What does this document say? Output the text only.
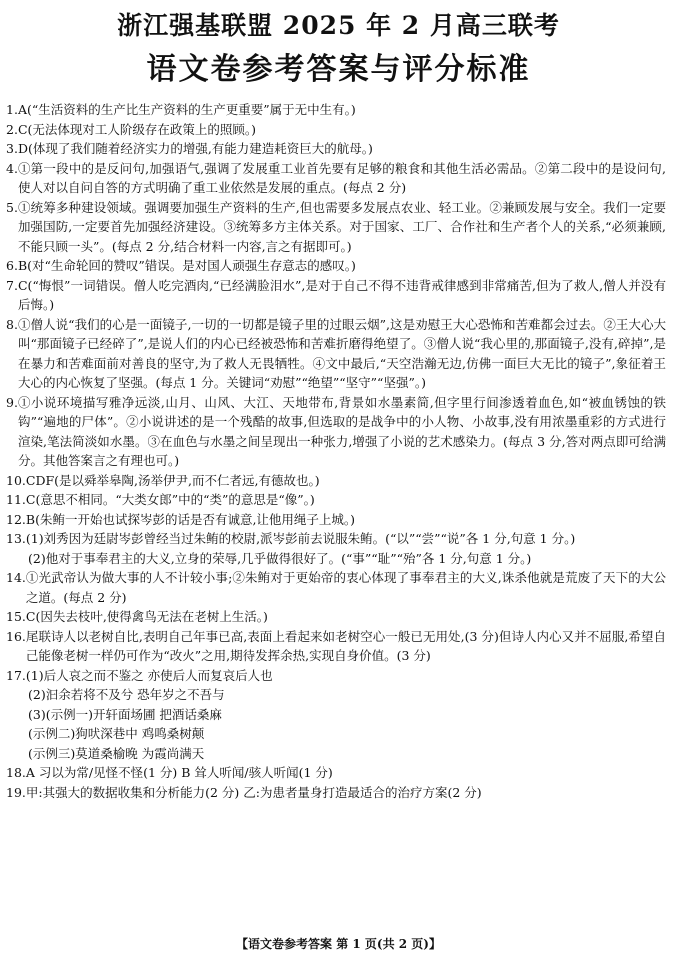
浙江强基联盟 2025 年 2 月高三联考
语文卷参考答案与评分标准
1. A(“生活资料的生产比生产资料的生产更重要”属于无中生有。)
2. C(无法体现对工人阶级存在政策上的照顾。)
3. D(体现了我们随着经济实力的增强,有能力建造耗资巨大的航母。)
4. ①第一段中的是反问句,加强语气,强调了发展重工业首先要有足够的粮食和其他生活必需品。②第二段中的是设问句,使人对以自问自答的方式明确了重工业依然是发展的重点。(每点 2 分)
5. ①统筹多种建设领域。强调要加强生产资料的生产,但也需要多发展点农业、轻工业。②兼顾发展与安全。我们一定要加强国防,一定要首先加强经济建设。③统筹多方主体关系。对于国家、工厂、合作社和生产者个人的关系,“必须兼顾,不能只顾一头”。(每点 2 分,结合材料一内容,言之有据即可。)
6. B(对“生命轮回的赞叹”错误。是对国人顽强生存意志的感叹。)
7. C(“悔恨”一词错误。僧人吃完酒肉,“已经满脸泪水”,是对于自己不得不违背戒律感到非常痛苦,但为了救人,僧人并没有后悔。)
8. ①僧人说“我们的心是一面镜子,一切的一切都是镜子里的过眼云烟”,这是劝慰王大心恐怖和苦难都会过去。②王大心大叫“那面镜子已经碎了”,是说人们的内心已经被恐怖和苦难折磨得绝望了。③僧人说“我心里的,那面镜子,没有,碎掉”,是在暴力和苦难面前对善良的坚守,为了救人无畏牺牲。④文中最后,“天空浩瀚无边,仿佛一面巨大无比的镜子”,象征着王大心的内心恢复了坚强。(每点 1 分。关键词“劝慰”“绝望”“坚守”“坚强”。)
9. ①小说环境描写雅净远淡,山月、山风、大江、天地带布,背景如水墨素简,但字里行间渗透着血色,如“被血锈蚀的铁钩”“遍地的尸体”。②小说讲述的是一个残酷的故事,但选取的是战争中的小人物、小故事,没有用浓墨重彩的方式进行渲染,笔法简淡如水墨。③在血色与水墨之间呈现出一种张力,增强了小说的艺术感染力。(每点 3 分,答对两点即可给满分。其他答案言之有理也可。)
10. CDF(是以舜举皋陶,汤举伊尹,而不仁者远,有德故也。)
11. C(意思不相同。“大类女郎”中的“类”的意思是“像”。)
12. B(朱鲔一开始也试探岑彭的话是否有诚意,让他用绳子上城。)
13. (1)刘秀因为廷尉岑彭曾经当过朱鲔的校尉,派岑彭前去说服朱鲔。(“以”“尝”“说”各 1 分,句意 1 分。)
(2)他对于事奉君主的大义,立身的荣辱,几乎做得很好了。(“事”“耻”“殆”各 1 分,句意 1 分。)
14. ①光武帝认为做大事的人不计较小事;②朱鲔对于更始帝的衷心体现了事奉君主的大义,诛杀他就是荒废了天下的大公之道。(每点 2 分)
15. C(因失去枝叶,使得禽鸟无法在老树上生活。)
16. 尾联诗人以老树自比,表明自己年事已高,表面上看起来如老树空心一般已无用处,(3 分)但诗人内心又并不屈服,希望自己能像老树一样仍可作为“改火”之用,期待发挥余热,实现自身价值。(3 分)
17. (1)后人哀之而不鉴之 亦使后人而复哀后人也
(2)汩余若将不及兮 恐年岁之不吾与
(3)(示例一)开轩面场圃 把酒话桑麻
(示例二)狗吠深巷中 鸡鸣桑树颠
(示例三)莫道桑榆晚 为霞尚满天
18. A 习以为常/见怪不怪(1 分) B 耸人听闻/骇人听闻(1 分)
19. 甲:其强大的数据收集和分析能力(2 分) 乙:为患者量身打造最适合的治疗方案(2 分)
【语文卷参考答案 第 1 页(共 2 页)】
